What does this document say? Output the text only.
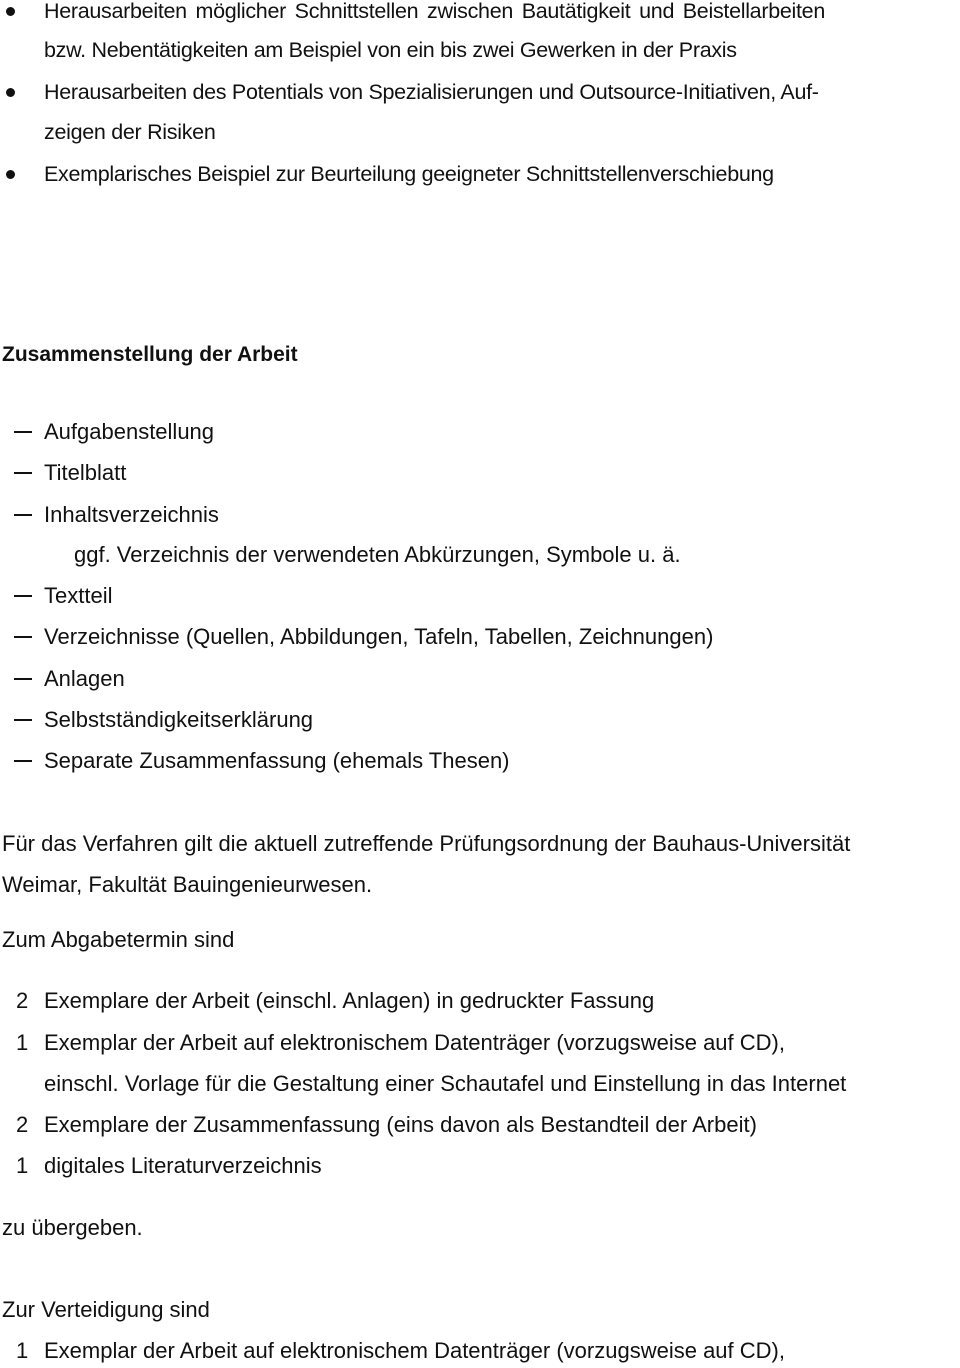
Herausarbeiten möglicher Schnittstellen zwischen Bautätigkeit und Beistellarbeiten
bzw. Nebentätigkeiten am Beispiel von ein bis zwei Gewerken in der Praxis
Herausarbeiten des Potentials von Spezialisierungen und Outsource-Initiativen, Auf-
zeigen der Risiken
Exemplarisches Beispiel zur Beurteilung geeigneter Schnittstellenverschiebung
Zusammenstellung der Arbeit
Aufgabenstellung
Titelblatt
Inhaltsverzeichnis
ggf. Verzeichnis der verwendeten Abkürzungen, Symbole u. ä.
Textteil
Verzeichnisse (Quellen, Abbildungen, Tafeln, Tabellen, Zeichnungen)
Anlagen
Selbstständigkeitserklärung
Separate Zusammenfassung (ehemals Thesen)
Für das Verfahren gilt die aktuell zutreffende Prüfungsordnung der Bauhaus-Universität
Weimar, Fakultät Bauingenieurwesen.
Zum Abgabetermin sind
2 Exemplare der Arbeit (einschl. Anlagen) in gedruckter Fassung
1 Exemplar der Arbeit auf elektronischem Datenträger (vorzugsweise auf CD),
einschl. Vorlage für die Gestaltung einer Schautafel und Einstellung in das Internet
2 Exemplare der Zusammenfassung (eins davon als Bestandteil der Arbeit)
1 digitales Literaturverzeichnis
zu übergeben.
Zur Verteidigung sind
1 Exemplar der Arbeit auf elektronischem Datenträger (vorzugsweise auf CD),
